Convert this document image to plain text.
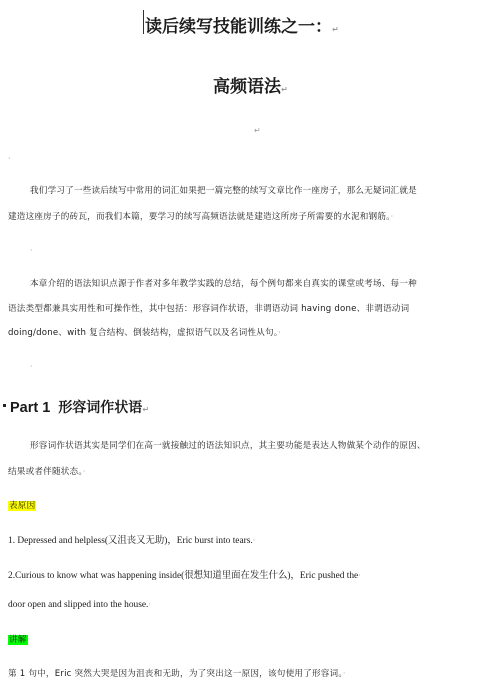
读后续写技能训练之一：↵
高频语法↵
↵
·
我们学习了一些读后续写中常用的词汇如果把一篇完整的续写文章比作一座房子，那么无疑词汇就是
建造这座房子的砖瓦，而我们本篇，要学习的续写高频语法就是建造这所房子所需要的水泥和钢筋。·
·
本章介绍的语法知识点源于作者对多年教学实践的总结，每个例句都来自真实的课堂或考场、每一种
语法类型都兼具实用性和可操作性，其中包括：形容词作状语，非谓语动词 having done、非谓语动词
doing/done、with 复合结构、倒装结构，虚拟语气以及名词性从句。·
·
Part 1 形容词作状语↵
形容词作状语其实是同学们在高一就接触过的语法知识点，其主要功能是表达人物做某个动作的原因、
结果或者伴随状态。·
表原因
1. Depressed and helpless(又沮丧又无助)，Eric burst into tears.·
2.Curious to know what was happening inside(很想知道里面在发生什么)，Eric pushed the·
door open and slipped into the house.·
讲解·
第 1 句中，Eric 突然大哭是因为沮丧和无助，为了突出这一原因，该句使用了形容词。·
